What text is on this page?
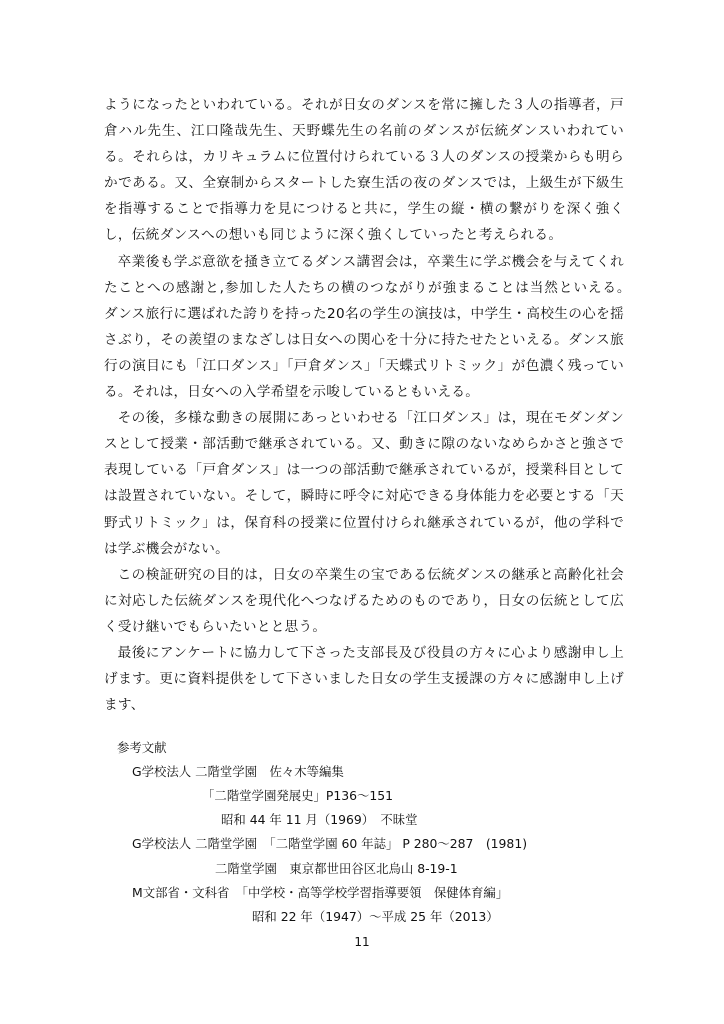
ようになったといわれている。それが日女のダンスを常に擁した３人の指導者，戸倉ハル先生、江口隆哉先生、天野蝶先生の名前のダンスが伝統ダンスいわれている。それらは，カリキュラムに位置付けられている３人のダンスの授業からも明らかである。又、全寮制からスタートした寮生活の夜のダンスでは，上級生が下級生を指導することで指導力を見につけると共に，学生の縦・横の繋がりを深く強くし，伝統ダンスへの想いも同じように深く強くしていったと考えられる。

卒業後も学ぶ意欲を掻き立てるダンス講習会は，卒業生に学ぶ機会を与えてくれたことへの感謝と,参加した人たちの横のつながりが強まることは当然といえる。　ダンス旅行に選ばれた誇りを持った20名の学生の演技は，中学生・高校生の心を揺さぶり，その羨望のまなざしは日女への関心を十分に持たせたといえる。ダンス旅行の演目にも「江口ダンス」「戸倉ダンス」「天蝶式リトミック」が色濃く残っている。それは，日女への入学希望を示唆しているともいえる。

その後，多様な動きの展開にあっといわせる「江口ダンス」は，現在モダンダンスとして授業・部活動で継承されている。又、動きに隙のないなめらかさと強さで表現している「戸倉ダンス」は一つの部活動で継承されているが，授業科目としては設置されていない。そして，瞬時に呼令に対応できる身体能力を必要とする「天野式リトミック」は，保育科の授業に位置付けられ継承されているが，他の学科では学ぶ機会がない。

この検証研究の目的は，日女の卒業生の宝である伝統ダンスの継承と高齢化社会に対応した伝統ダンスを現代化へつなげるためのものであり，日女の伝統として広く受け継いでもらいたいとと思う。

最後にアンケートに協力して下さった支部長及び役員の方々に心より感謝申し上げます。更に資料提供をして下さいました日女の学生支援課の方々に感謝申し上げます、

参考文献
G学校法人 二階堂学園　佐々木等編集
「二階堂学園発展史」P136～151
昭和 44 年 11 月（1969）　不昧堂
G学校法人 二階堂学園　「二階堂学園 60 年誌」 P 280～287　(1981)
二階堂学園　東京都世田谷区北烏山 8-19-1
M文部省・文科省　「中学校・高等学校学習指導要領　保健体育編」
昭和 22 年（1947）～平成 25 年（2013）
11
